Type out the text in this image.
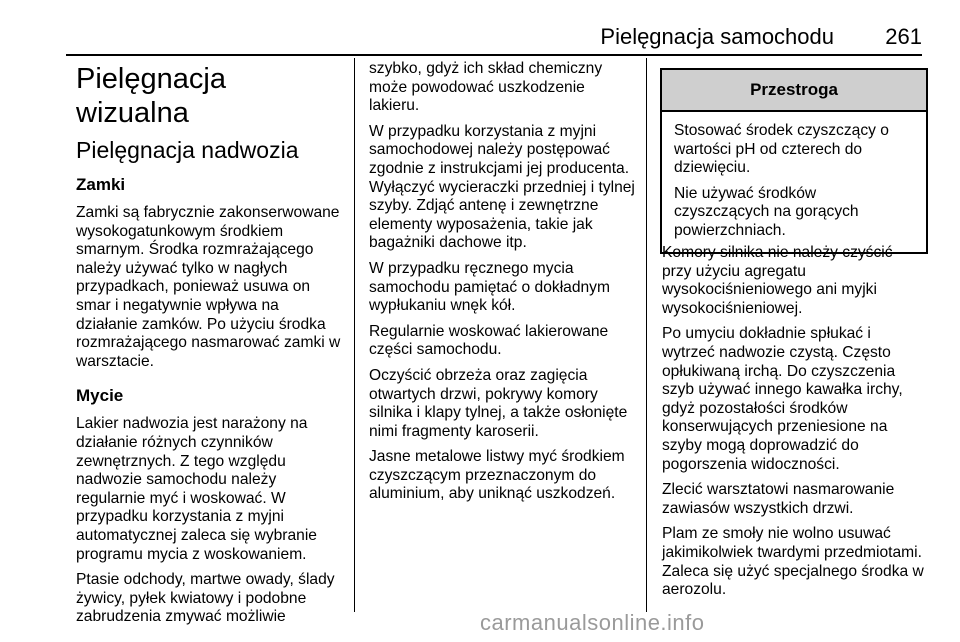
Pielęgnacja samochodu 261
Pielęgnacja wizualna
Pielęgnacja nadwozia
Zamki

Zamki są fabrycznie zakonserwowane wysokogatunkowym środkiem smarnym. Środka rozmrażającego należy używać tylko w nagłych przypadkach, ponieważ usuwa on smar i negatywnie wpływa na działanie zamków. Po użyciu środka rozmrażającego nasmarować zamki w warsztacie.

Mycie

Lakier nadwozia jest narażony na działanie różnych czynników zewnętrznych. Z tego względu nadwozie samochodu należy regularnie myć i woskować. W przypadku korzystania z myjni automatycznej zaleca się wybranie programu mycia z woskowaniem.

Ptasie odchody, martwe owady, ślady żywicy, pyłek kwiatowy i podobne zabrudzenia zmywać możliwie

szybko, gdyż ich skład chemiczny może powodować uszkodzenie lakieru.

W przypadku korzystania z myjni samochodowej należy postępować zgodnie z instrukcjami jej producenta. Wyłączyć wycieraczki przedniej i tylnej szyby. Zdjąć antenę i zewnętrzne elementy wyposażenia, takie jak bagażniki dachowe itp.

W przypadku ręcznego mycia samochodu pamiętać o dokładnym wypłukaniu wnęk kół.

Regularnie woskować lakierowane części samochodu.

Oczyścić obrzeża oraz zagięcia otwartych drzwi, pokrywy komory silnika i klapy tylnej, a także osłonięte nimi fragmenty karoserii.

Jasne metalowe listwy myć środkiem czyszczącym przeznaczonym do aluminium, aby uniknąć uszkodzeń.

Przestroga

Stosować środek czyszczący o wartości pH od czterech do dziewięciu.

Nie używać środków czyszczących na gorących powierzchniach.

Komory silnika nie należy czyścić przy użyciu agregatu wysokociśnieniowego ani myjki wysokociśnieniowej.

Po umyciu dokładnie spłukać i wytrzeć nadwozie czystą. Często opłukiwaną irchą. Do czyszczenia szyb używać innego kawałka irchy, gdyż pozostałości środków konserwujących przeniesione na szyby mogą doprowadzić do pogorszenia widoczności.

Zlecić warsztatowi nasmarowanie zawiasów wszystkich drzwi.

Plam ze smoły nie wolno usuwać jakimikolwiek twardymi przedmiotami. Zaleca się użyć specjalnego środka w aerozolu.

carmanualsonline.info
